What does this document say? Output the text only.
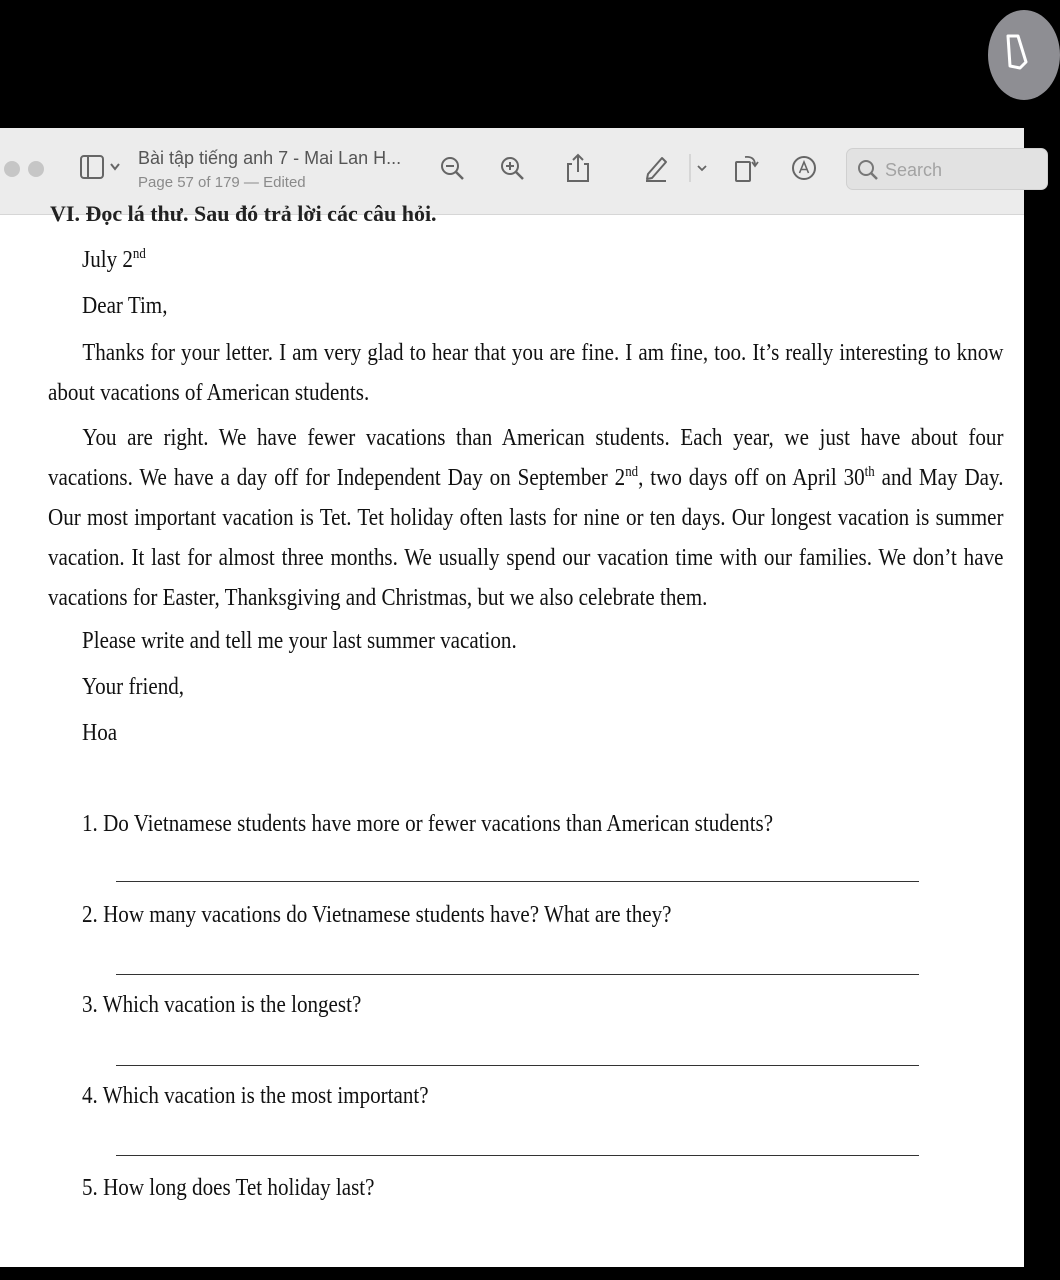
Bài tập tiếng anh 7 - Mai Lan H...
Page 57 of 179 — Edited
Search
VI. Đọc lá thư. Sau đó trả lời các câu hỏi.
July 2nd
Dear Tim,

Thanks for your letter. I am very glad to hear that you are fine. I am fine, too. It’s really interesting to know about vacations of American students.

You are right. We have fewer vacations than American students. Each year, we just have about four vacations. We have a day off for Independent Day on September 2nd, two days off on April 30th and May Day. Our most important vacation is Tet. Tet holiday often lasts for nine or ten days. Our longest vacation is summer vacation. It last for almost three months. We usually spend our vacation time with our families. We don’t have vacations for Easter, Thanksgiving and Christmas, but we also celebrate them.

Please write and tell me your last summer vacation.
Your friend,
Hoa
1. Do Vietnamese students have more or fewer vacations than American students?
2. How many vacations do Vietnamese students have? What are they?
3. Which vacation is the longest?
4. Which vacation is the most important?
5. How long does Tet holiday last?
